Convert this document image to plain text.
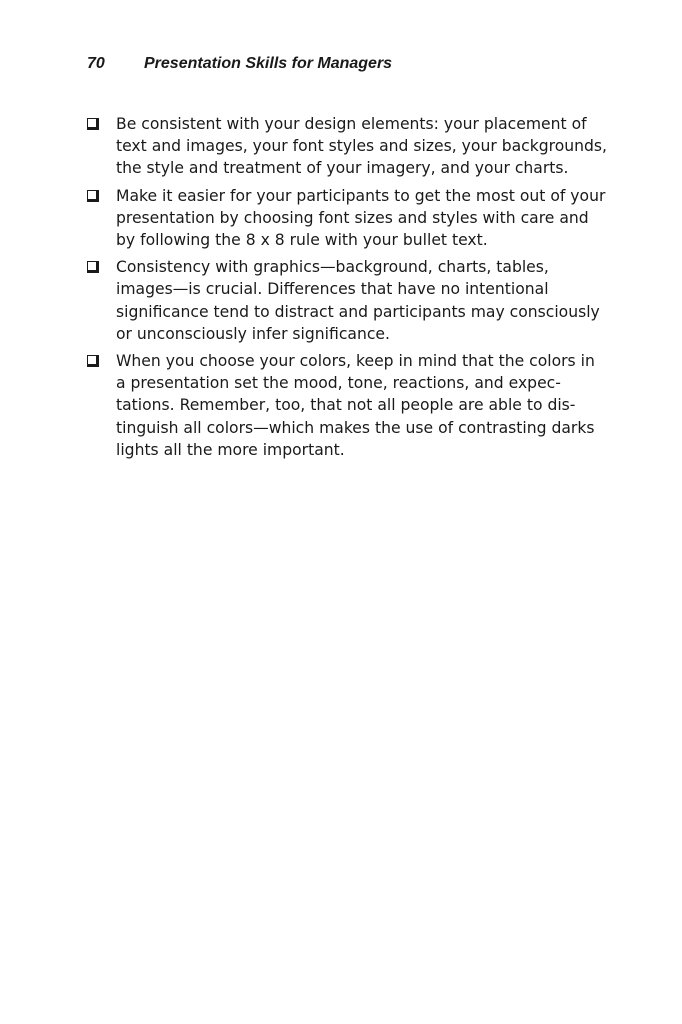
70 Presentation Skills for Managers
Be consistent with your design elements: your placement of text and images, your font styles and sizes, your backgrounds, the style and treatment of your imagery, and your charts.
Make it easier for your participants to get the most out of your presentation by choosing font sizes and styles with care and by following the 8 x 8 rule with your bullet text.
Consistency with graphics—background, charts, tables, images—is crucial. Differences that have no intentional significance tend to distract and participants may consciously or unconsciously infer significance.
When you choose your colors, keep in mind that the colors in a presentation set the mood, tone, reactions, and expectations. Remember, too, that not all people are able to distinguish all colors—which makes the use of contrasting darks lights all the more important.
